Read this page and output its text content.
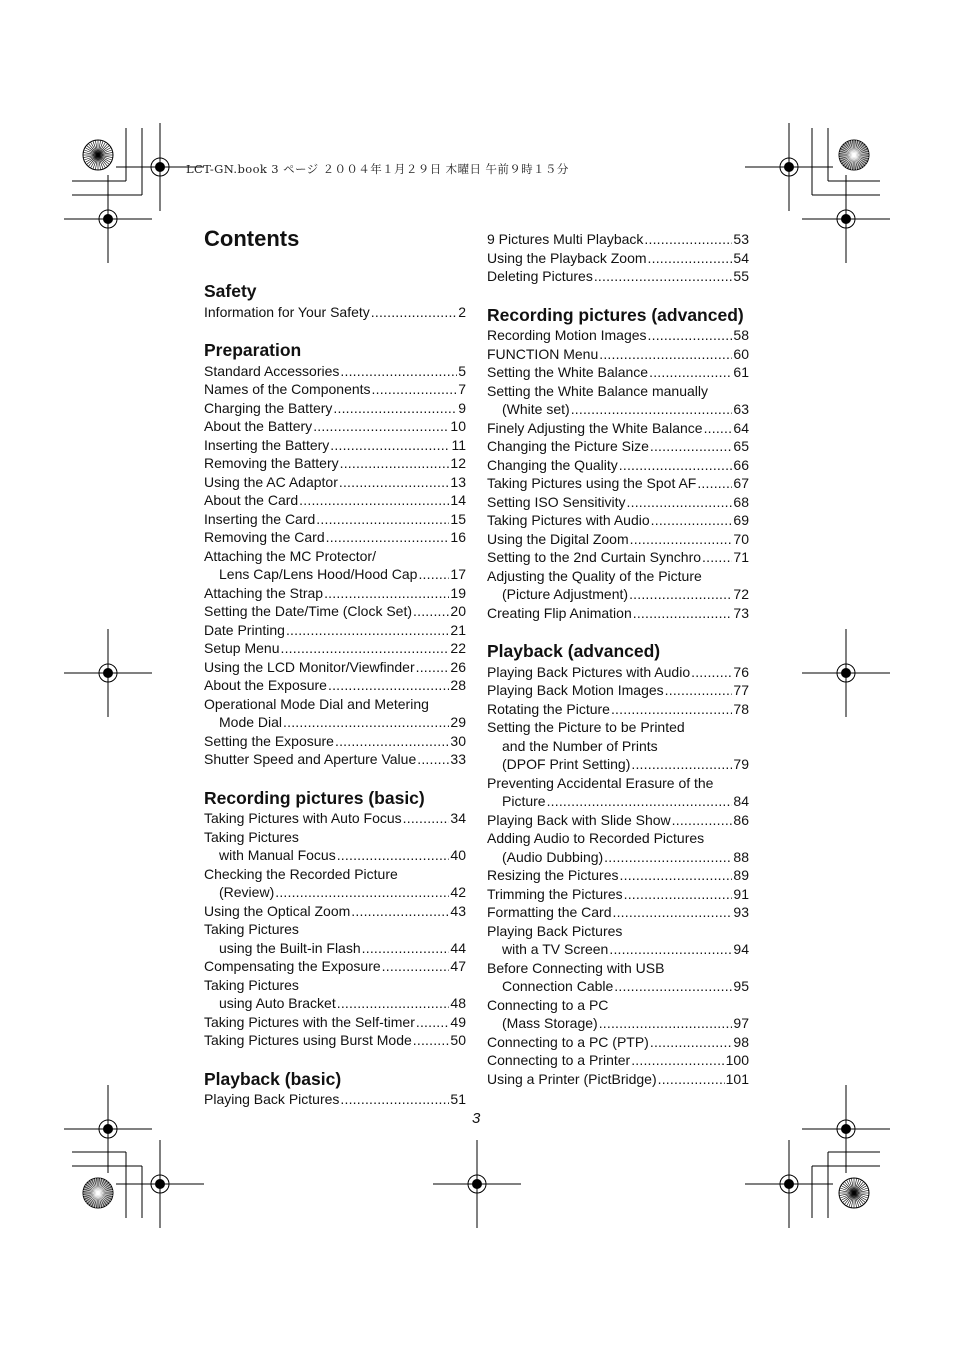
LCT-GN.book 3 ページ ２００４年１月２９日 木曜日 午前９時１５分
Contents
Safety
Information for Your Safety .....	2
Preparation
Standard Accessories .....	5
Names of the Components .....	7
Charging the Battery .....	9
About the Battery .....	10
Inserting the Battery .....	11
Removing the Battery .....	12
Using the AC Adaptor .....	13
About the Card .....	14
Inserting the Card .....	15
Removing the Card .....	16
Attaching the MC Protector/
Lens Cap/Lens Hood/Hood Cap ..... 17
Attaching the Strap .....	19
Setting the Date/Time (Clock Set) .....	20
Date Printing .....	21
Setup Menu .....	22
Using the LCD Monitor/Viewfinder .....	26
About the Exposure .....	28
Operational Mode Dial and Metering
Mode Dial .....	29
Setting the Exposure .....	30
Shutter Speed and Aperture Value ..... 33
Recording pictures (basic)
Taking Pictures with Auto Focus .....	34
Taking Pictures
with Manual Focus .....	40
Checking the Recorded Picture
(Review) .....	42
Using the Optical Zoom .....	43
Taking Pictures
using the Built-in Flash .....	44
Compensating the Exposure .....	47
Taking Pictures
using Auto Bracket .....	48
Taking Pictures with the Self-timer .....	49
Taking Pictures using Burst Mode .....	50
Playback (basic)
Playing Back Pictures .....	51
9 Pictures Multi Playback .....	53
Using the Playback Zoom .....	54
Deleting Pictures .....	55
Recording pictures (advanced)
Recording Motion Images .....	58
FUNCTION Menu .....	60
Setting the White Balance .....	61
Setting the White Balance manually
(White set) .....	63
Finely Adjusting the White Balance ..... 64
Changing the Picture Size .....	65
Changing the Quality .....	66
Taking Pictures using the Spot AF .....	67
Setting ISO Sensitivity .....	68
Taking Pictures with Audio .....	69
Using the Digital Zoom .....	70
Setting to the 2nd Curtain Synchro ..... 71
Adjusting the Quality of the Picture
(Picture Adjustment) .....	72
Creating Flip Animation .....	73
Playback (advanced)
Playing Back Pictures with Audio .....	76
Playing Back Motion Images .....	77
Rotating the Picture .....	78
Setting the Picture to be Printed
and the Number of Prints
(DPOF Print Setting) .....	79
Preventing Accidental Erasure of the
Picture .....	84
Playing Back with Slide Show .....	86
Adding Audio to Recorded Pictures
(Audio Dubbing) .....	88
Resizing the Pictures .....	89
Trimming the Pictures .....	91
Formatting the Card .....	93
Playing Back Pictures
with a TV Screen .....	94
Before Connecting with USB
Connection Cable .....	95
Connecting to a PC
(Mass Storage) .....	97
Connecting to a PC (PTP) .....	98
Connecting to a Printer .....	100
Using a Printer (PictBridge) .....	101
3
